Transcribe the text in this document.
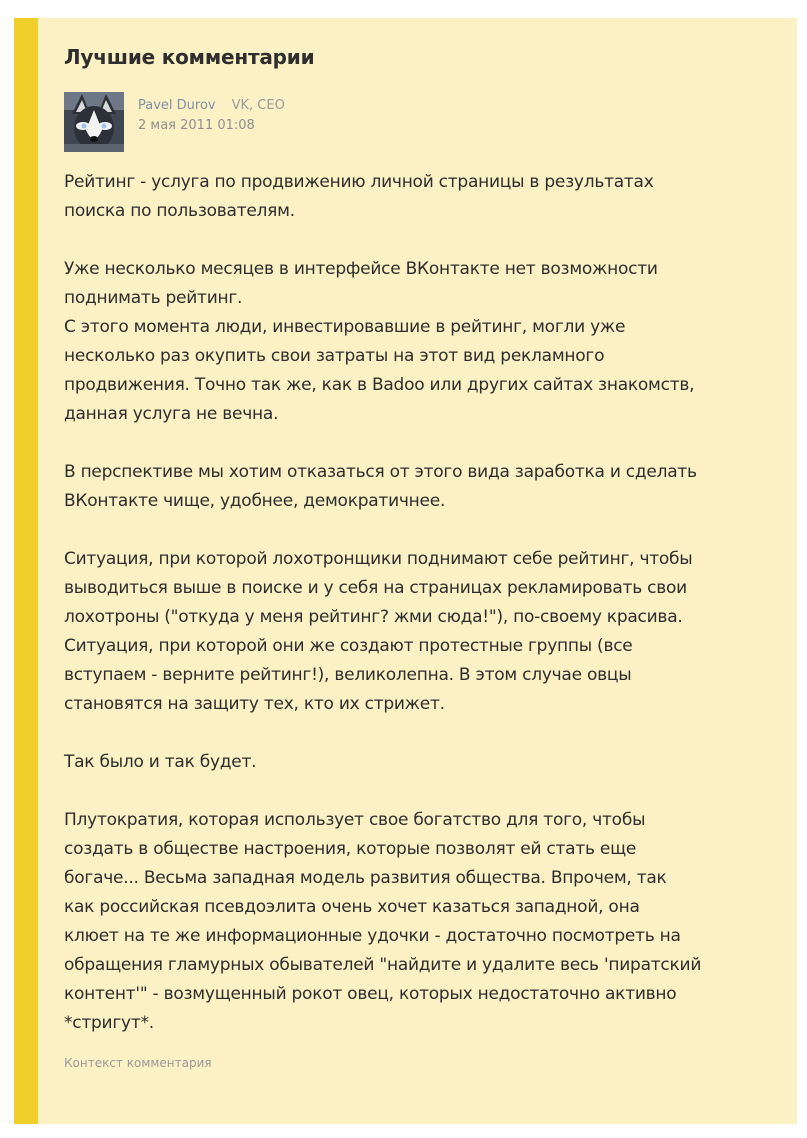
Лучшие комментарии
Pavel Durov VK, CEO
2 мая 2011 01:08

Рейтинг - услуга по продвижению личной страницы в результатах
поиска по пользователям.

Уже несколько месяцев в интерфейсе ВКонтакте нет возможности
поднимать рейтинг.
С этого момента люди, инвестировавшие в рейтинг, могли уже
несколько раз окупить свои затраты на этот вид рекламного
продвижения. Точно так же, как в Badoo или других сайтах знакомств,
данная услуга не вечна.

В перспективе мы хотим отказаться от этого вида заработка и сделать
ВКонтакте чище, удобнее, демократичнее.

Ситуация, при которой лохотронщики поднимают себе рейтинг, чтобы
выводиться выше в поиске и у себя на страницах рекламировать свои
лохотроны ("откуда у меня рейтинг? жми сюда!"), по-своему красива.
Ситуация, при которой они же создают протестные группы (все
вступаем - верните рейтинг!), великолепна. В этом случае овцы
становятся на защиту тех, кто их стрижет.

Так было и так будет.

Плутократия, которая использует свое богатство для того, чтобы
создать в обществе настроения, которые позволят ей стать еще
богаче... Весьма западная модель развития общества. Впрочем, так
как российская псевдоэлита очень хочет казаться западной, она
клюет на те же информационные удочки - достаточно посмотреть на
обращения гламурных обывателей "найдите и удалите весь 'пиратский
контент'" - возмущенный рокот овец, которых недостаточно активно
*стригут*.

Контекст комментария
